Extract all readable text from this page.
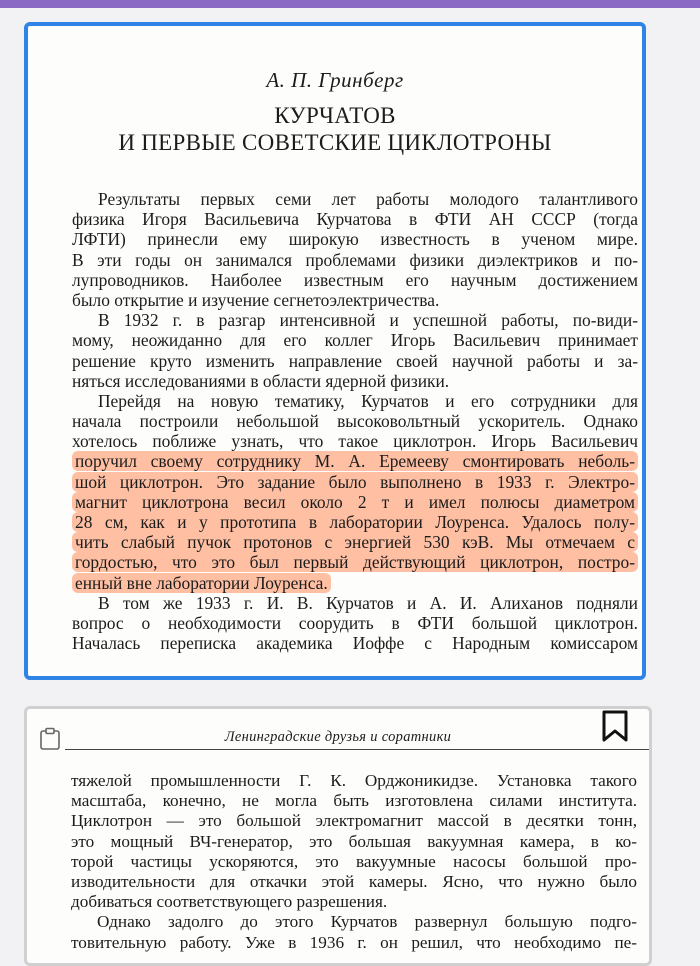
А. П. Гринберг
КУРЧАТОВ
И ПЕРВЫЕ СОВЕТСКИЕ ЦИКЛОТРОНЫ
Результаты первых семи лет работы молодого талантливого
физика Игоря Васильевича Курчатова в ФТИ АН СССР (тогда
ЛФТИ) принесли ему широкую известность в ученом мире.
В эти годы он занимался проблемами физики диэлектриков и по-
лупроводников. Наиболее известным его научным достижением
было открытие и изучение сегнетоэлектричества.
В 1932 г. в разгар интенсивной и успешной работы, по-види-
мому, неожиданно для его коллег Игорь Васильевич принимает
решение круто изменить направление своей научной работы и за-
няться исследованиями в области ядерной физики.
Перейдя на новую тематику, Курчатов и его сотрудники для
начала построили небольшой высоковольтный ускоритель. Однако
хотелось поближе узнать, что такое циклотрон. Игорь Васильевич
поручил своему сотруднику М. А. Еремееву смонтировать неболь-
шой циклотрон. Это задание было выполнено в 1933 г. Электро-
магнит циклотрона весил около 2 т и имел полюсы диаметром
28 см, как и у прототипа в лаборатории Лоуренса. Удалось полу-
чить слабый пучок протонов с энергией 530 кэВ. Мы отмечаем с
гордостью, что это был первый действующий циклотрон, постро-
енный вне лаборатории Лоуренса.
В том же 1933 г. И. В. Курчатов и А. И. Алиханов подняли
вопрос о необходимости соорудить в ФТИ большой циклотрон.
Началась переписка академика Иоффе с Народным комиссаром
Ленинградские друзья и соратники
тяжелой промышленности Г. К. Орджоникидзе. Установка такого
масштаба, конечно, не могла быть изготовлена силами института.
Циклотрон — это большой электромагнит массой в десятки тонн,
это мощный ВЧ-генератор, это большая вакуумная камера, в ко-
торой частицы ускоряются, это вакуумные насосы большой про-
изводительности для откачки этой камеры. Ясно, что нужно было
добиваться соответствующего разрешения.
Однако задолго до этого Курчатов развернул большую подго-
товительную работу. Уже в 1936 г. он решил, что необходимо пе-
